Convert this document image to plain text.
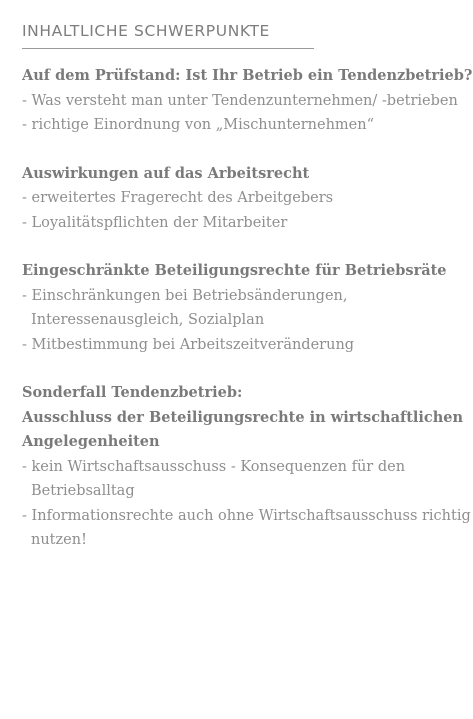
INHALTLICHE SCHWERPUNKTE
Auf dem Prüfstand: Ist Ihr Betrieb ein Tendenzbetrieb?
- Was versteht man unter Tendenzunternehmen/ -betrieben
- richtige Einordnung von „Mischunternehmen“
Auswirkungen auf das Arbeitsrecht
- erweitertes Fragerecht des Arbeitgebers
- Loyalitätspflichten der Mitarbeiter
Eingeschränkte Beteiligungsrechte für Betriebsräte
- Einschränkungen bei Betriebsänderungen,
Interessenausgleich, Sozialplan
- Mitbestimmung bei Arbeitszeitveränderung
Sonderfall Tendenzbetrieb:
Ausschluss der Beteiligungsrechte in wirtschaftlichen
Angelegenheiten
- kein Wirtschaftsausschuss - Konsequenzen für den
Betriebsalltag
- Informationsrechte auch ohne Wirtschaftsausschuss richtig
nutzen!
